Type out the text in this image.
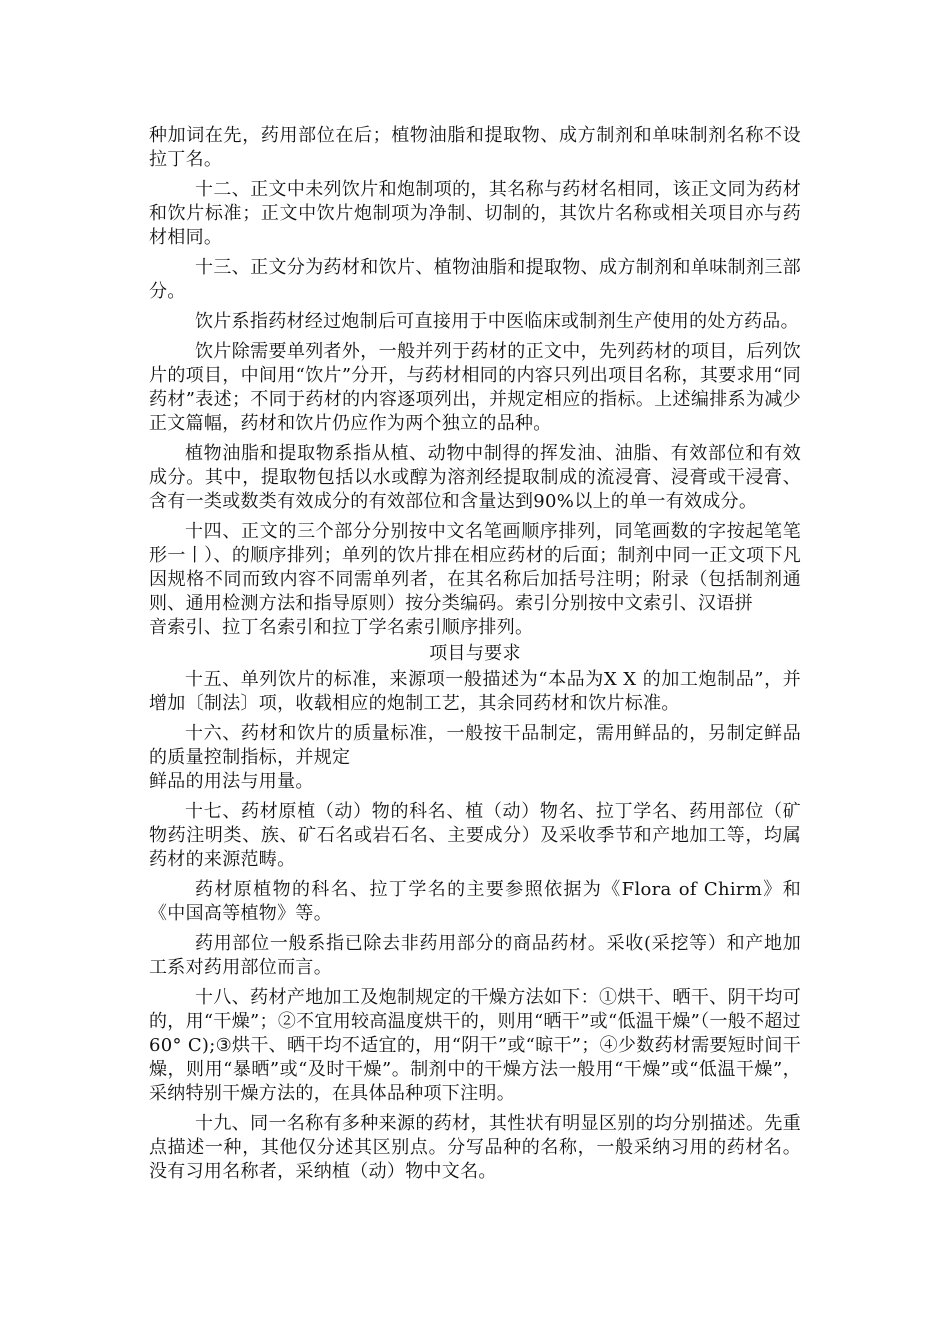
种加词在先，药用部位在后；植物油脂和提取物、成方制剂和单味制剂名称不设拉丁名。

十二、正文中未列饮片和炮制项的，其名称与药材名相同，该正文同为药材和饮片标准；正文中饮片炮制项为净制、切制的，其饮片名称或相关项目亦与药材相同。

十三、正文分为药材和饮片、植物油脂和提取物、成方制剂和单味制剂三部分。

饮片系指药材经过炮制后可直接用于中医临床或制剂生产使用的处方药品。

饮片除需要单列者外，一般并列于药材的正文中，先列药材的项目，后列饮片的项目，中间用“饮片”分开，与药材相同的内容只列出项目名称，其要求用“同药材”表述；不同于药材的内容逐项列出，并规定相应的指标。上述编排系为减少正文篇幅，药材和饮片仍应作为两个独立的品种。

植物油脂和提取物系指从植、动物中制得的挥发油、油脂、有效部位和有效成分。其中，提取物包括以水或醇为溶剂经提取制成的流浸膏、浸膏或干浸膏、含有一类或数类有效成分的有效部位和含量达到90%以上的单一有效成分。

十四、正文的三个部分分别按中文名笔画顺序排列，同笔画数的字按起笔笔形一丨）、的顺序排列；单列的饮片排在相应药材的后面；制剂中同一正文项下凡因规格不同而致内容不同需单列者，在其名称后加括号注明；附录（包括制剂通则、通用检测方法和指导原则）按分类编码。索引分别按中文索引、汉语拼

音索引、拉丁名索引和拉丁学名索引顺序排列。

项目与要求

十五、单列饮片的标准，来源项一般描述为“本品为X X 的加工炮制品”，并增加〔制法〕项，收载相应的炮制工艺，其余同药材和饮片标准。

十六、药材和饮片的质量标准，一般按干品制定，需用鲜品的，另制定鲜品的质量控制指标，并规定

鲜品的用法与用量。

十七、药材原植（动）物的科名、植（动）物名、拉丁学名、药用部位（矿物药注明类、族、矿石名或岩石名、主要成分）及采收季节和产地加工等，均属药材的来源范畴。

药材原植物的科名、拉丁学名的主要参照依据为《Flora of Chirm》和《中国高等植物》等。

药用部位一般系指已除去非药用部分的商品药材。采收(采挖等）和产地加工系对药用部位而言。

十八、药材产地加工及炮制规定的干燥方法如下：①烘干、晒干、阴干均可的，用“干燥”；②不宜用较高温度烘干的，则用“晒干”或“低温干燥”（一般不超过60° C);③烘干、晒干均不适宜的，用“阴干”或“晾干”；④少数药材需要短时间干燥，则用“暴晒”或“及时干燥”。制剂中的干燥方法一般用“干燥”或“低温干燥”，采纳特别干燥方法的，在具体品种项下注明。

十九、同一名称有多种来源的药材，其性状有明显区别的均分别描述。先重点描述一种，其他仅分述其区别点。分写品种的名称，一般采纳习用的药材名。没有习用名称者，采纳植（动）物中文名。
